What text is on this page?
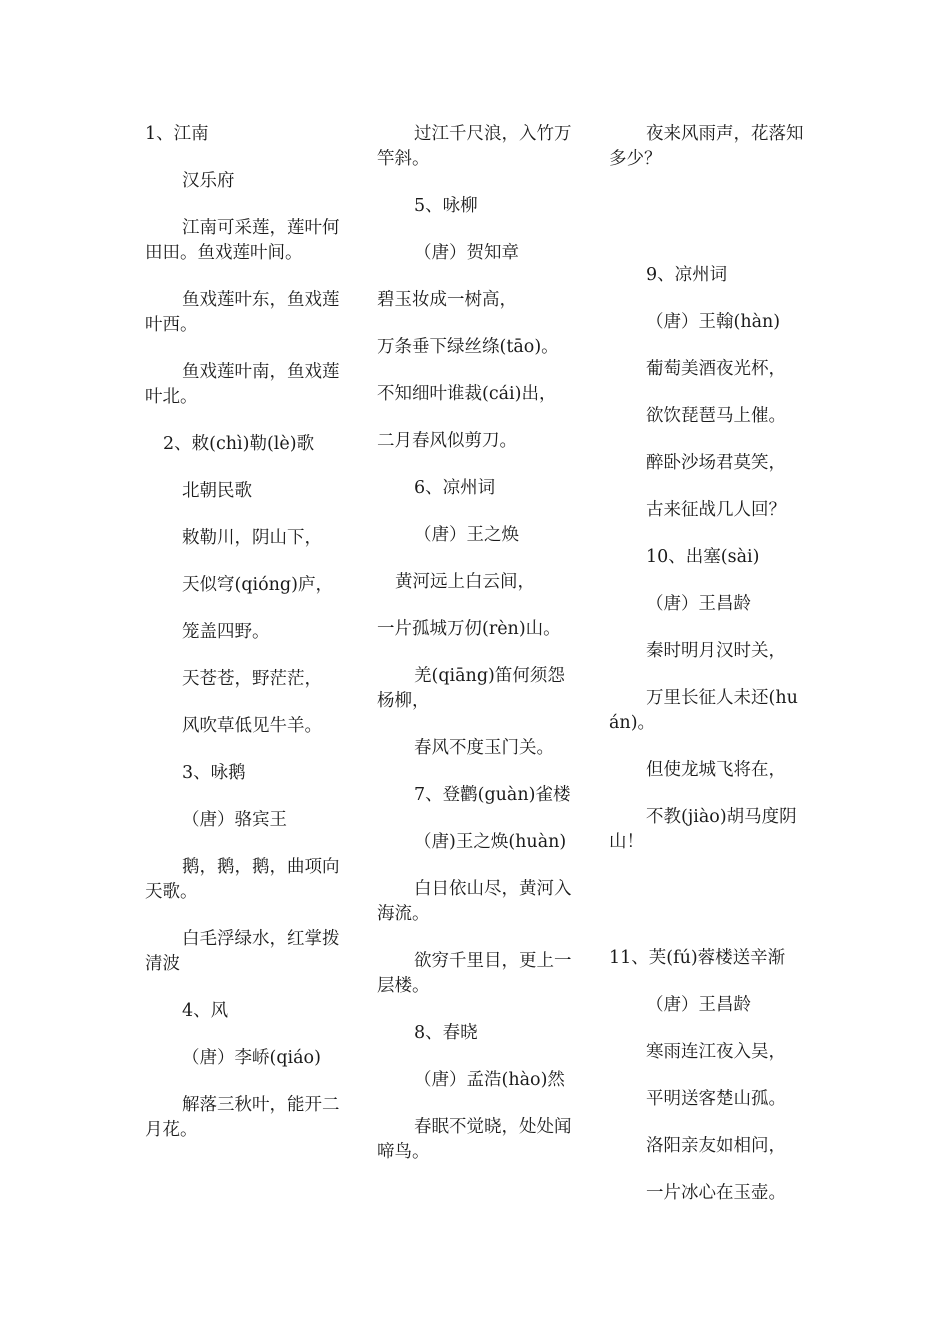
1、江南

汉乐府

江南可采莲，莲叶何田田。鱼戏莲叶间。

鱼戏莲叶东，鱼戏莲叶西。

鱼戏莲叶南，鱼戏莲叶北。

2、敕(chì)勒(lè)歌

北朝民歌

敕勒川，阴山下，

天似穹(qióng)庐，

笼盖四野。

天苍苍，野茫茫，

风吹草低见牛羊。

3、咏鹅

（唐）骆宾王

鹅，鹅，鹅，曲项向天歌。

白毛浮绿水，红掌拨清波

4、风

（唐）李峤(qiáo)

解落三秋叶，能开二月花。

过江千尺浪，入竹万竿斜。

5、咏柳

（唐）贺知章

碧玉妆成一树高，

万条垂下绿丝绦(tāo)。

不知细叶谁裁(cái)出，

二月春风似剪刀。

6、凉州词

（唐）王之焕

黄河远上白云间，

一片孤城万仞(rèn)山。

羌(qiāng)笛何须怨杨柳，

春风不度玉门关。

7、登鹳(guàn)雀楼

（唐)王之焕(huàn)

白日依山尽，黄河入海流。

欲穷千里目，更上一层楼。

8、春晓

（唐）孟浩(hào)然

春眠不觉晓，处处闻啼鸟。

夜来风雨声，花落知多少？

9、凉州词

（唐）王翰(hàn)

葡萄美酒夜光杯，

欲饮琵琶马上催。

醉卧沙场君莫笑，

古来征战几人回？

10、出塞(sài)

（唐）王昌龄

秦时明月汉时关，

万里长征人未还(huán)。

但使龙城飞将在，

不教(jiào)胡马度阴山！

11、芙(fú)蓉楼送辛渐

（唐）王昌龄

寒雨连江夜入吴，

平明送客楚山孤。

洛阳亲友如相问，

一片冰心在玉壶。
